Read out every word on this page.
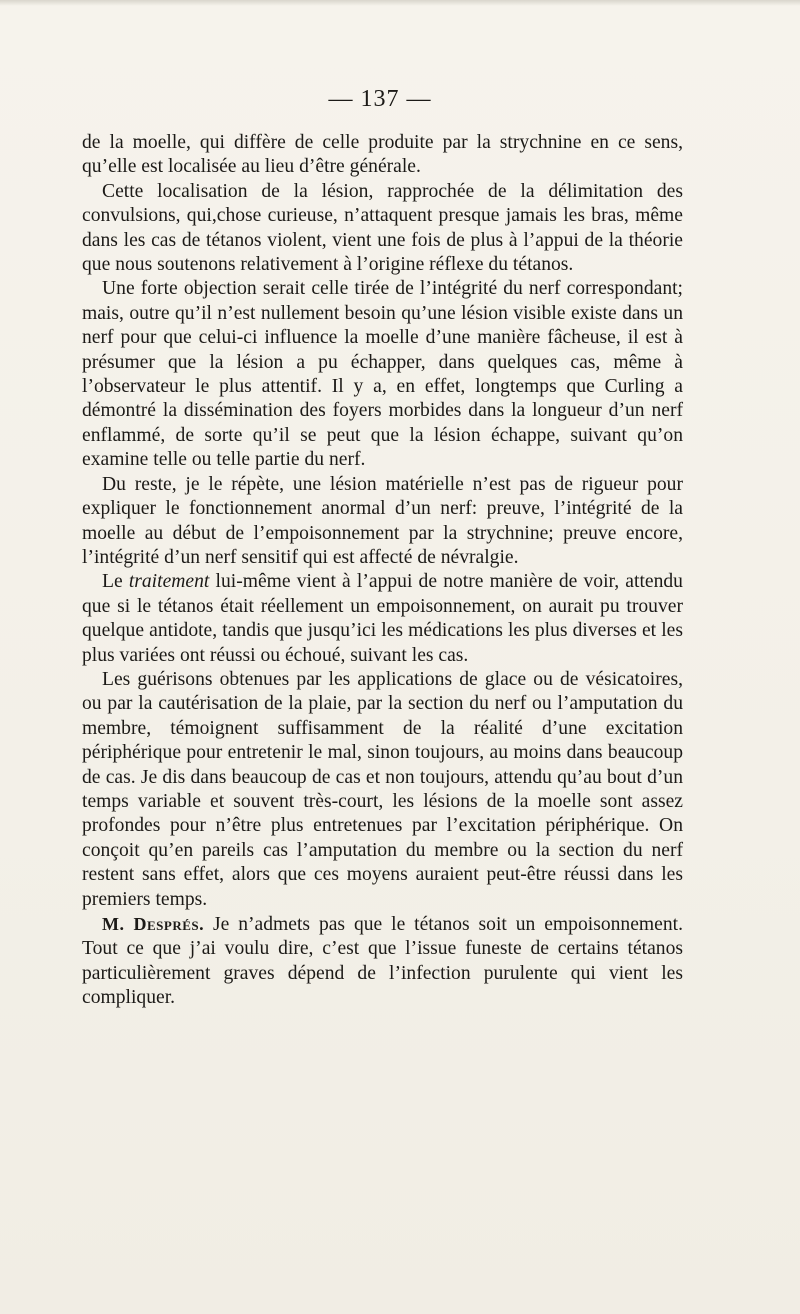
— 137 —

de la moelle, qui diffère de celle produite par la strychnine en ce sens, qu’elle est localisée au lieu d’être générale.

Cette localisation de la lésion, rapprochée de la délimitation des convulsions, qui,chose curieuse, n’attaquent presque jamais les bras, même dans les cas de tétanos violent, vient une fois de plus à l’appui de la théorie que nous soutenons relativement à l’origine réflexe du tétanos.

Une forte objection serait celle tirée de l’intégrité du nerf correspondant; mais, outre qu’il n’est nullement besoin qu’une lésion visible existe dans un nerf pour que celui-ci influence la moelle d’une manière fâcheuse, il est à présumer que la lésion a pu échapper, dans quelques cas, même à l’observateur le plus attentif. Il y a, en effet, longtemps que Curling a démontré la dissémination des foyers morbides dans la longueur d’un nerf enflammé, de sorte qu’il se peut que la lésion échappe, suivant qu’on examine telle ou telle partie du nerf.

Du reste, je le répète, une lésion matérielle n’est pas de rigueur pour expliquer le fonctionnement anormal d’un nerf: preuve, l’intégrité de la moelle au début de l’empoisonnement par la strychnine; preuve encore, l’intégrité d’un nerf sensitif qui est affecté de névralgie.

Le traitement lui-même vient à l’appui de notre manière de voir, attendu que si le tétanos était réellement un empoisonnement, on aurait pu trouver quelque antidote, tandis que jusqu’ici les médications les plus diverses et les plus variées ont réussi ou échoué, suivant les cas.

Les guérisons obtenues par les applications de glace ou de vésicatoires, ou par la cautérisation de la plaie, par la section du nerf ou l’amputation du membre, témoignent suffisamment de la réalité d’une excitation périphérique pour entretenir le mal, sinon toujours, au moins dans beaucoup de cas. Je dis dans beaucoup de cas et non toujours, attendu qu’au bout d’un temps variable et souvent très-court, les lésions de la moelle sont assez profondes pour n’être plus entretenues par l’excitation périphérique. On conçoit qu’en pareils cas l’amputation du membre ou la section du nerf restent sans effet, alors que ces moyens auraient peut-être réussi dans les premiers temps.

M. Després. Je n’admets pas que le tétanos soit un empoisonnement. Tout ce que j’ai voulu dire, c’est que l’issue funeste de certains tétanos particulièrement graves dépend de l’infection purulente qui vient les compliquer.
